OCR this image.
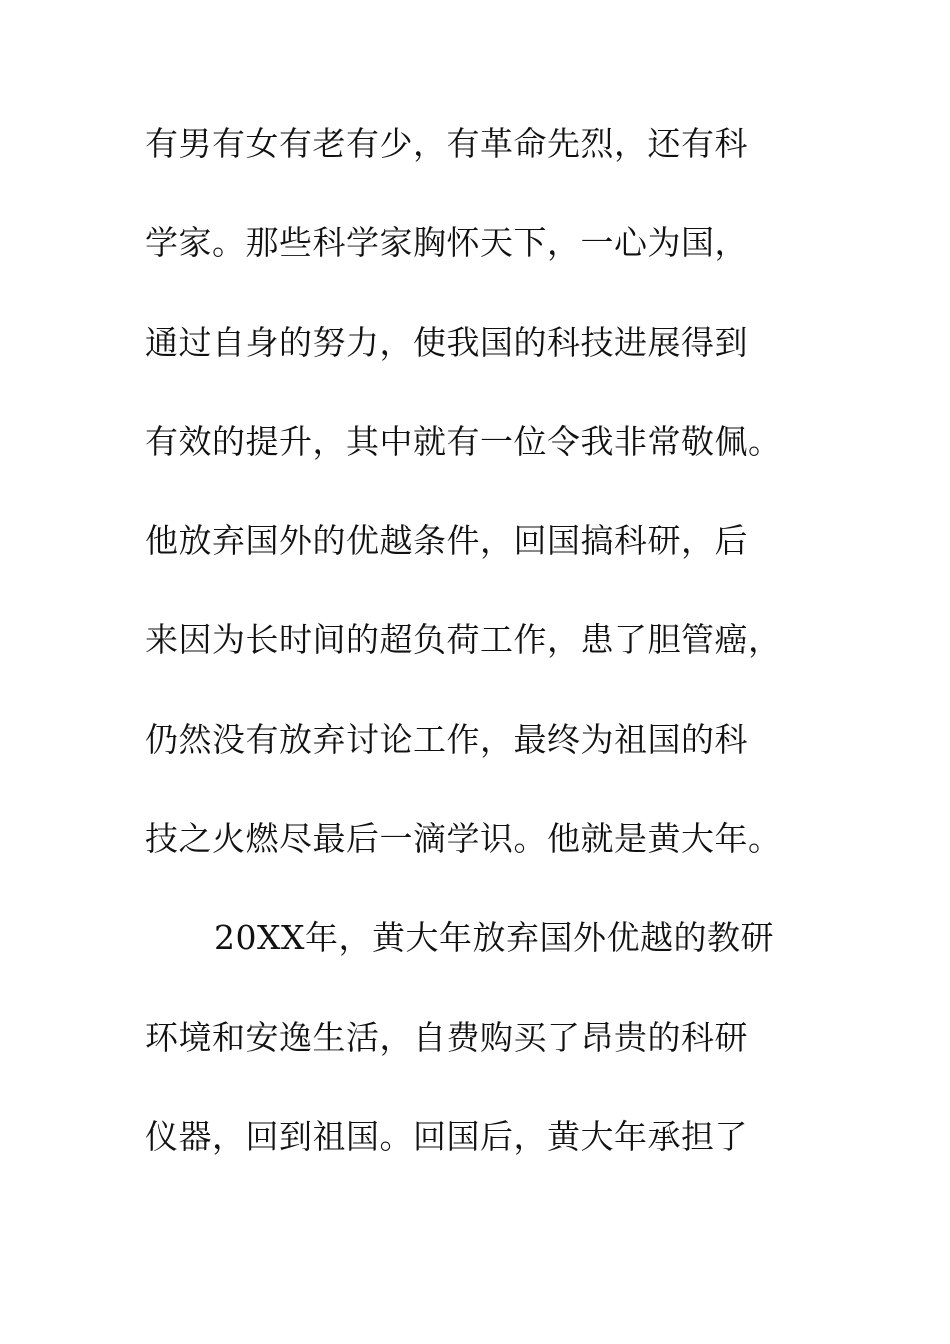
有男有女有老有少，有革命先烈，还有科
学家。那些科学家胸怀天下，一心为国，
通过自身的努力，使我国的科技进展得到
有效的提升，其中就有一位令我非常敬佩。
他放弃国外的优越条件，回国搞科研，后
来因为长时间的超负荷工作，患了胆管癌，
仍然没有放弃讨论工作，最终为祖国的科
技之火燃尽最后一滴学识。他就是黄大年。
20XX年，黄大年放弃国外优越的教研
环境和安逸生活，自费购买了昂贵的科研
仪器，回到祖国。回国后，黄大年承担了
